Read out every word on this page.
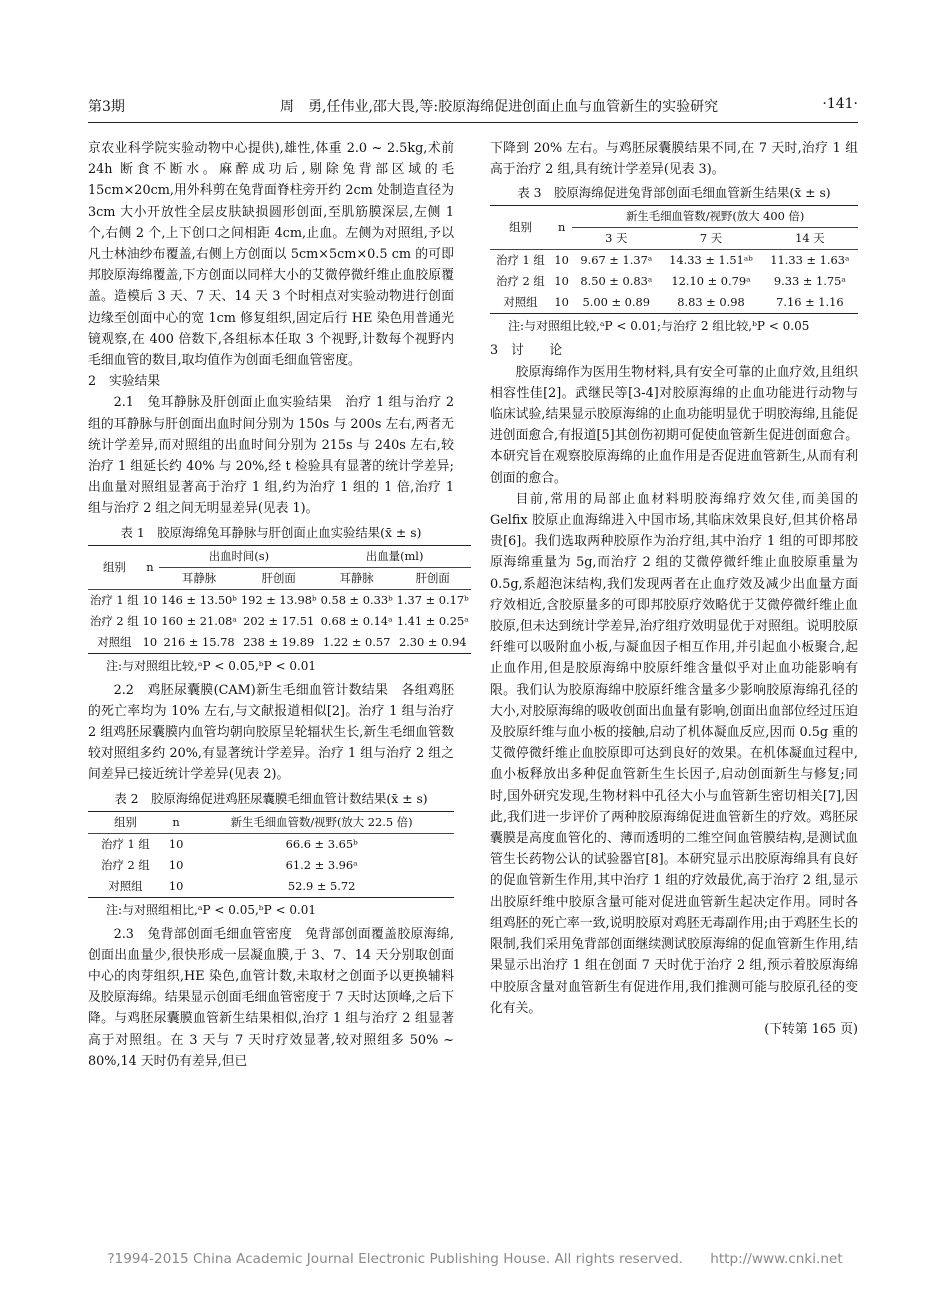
第3期	周　勇,任伟业,邵大畏,等:胶原海绵促进创面止血与血管新生的实验研究	·141·

京农业科学院实验动物中心提供),雄性,体重 2.0 ~ 2.5kg,术前 24h 断食不断水。麻醉成功后,剔除兔背部区域的毛 15cm×20cm,用外科剪在兔背面脊柱旁开约 2cm 处制造直径为 3cm 大小开放性全层皮肤缺损圆形创面,至肌筋膜深层,左侧 1 个,右侧 2 个,上下创口之间相距 4cm,止血。左侧为对照组,予以凡士林油纱布覆盖,右侧上方创面以 5cm×5cm×0.5 cm 的可即邦胶原海绵覆盖,下方创面以同样大小的艾微停微纤维止血胶原覆盖。造模后 3 天、7 天、14 天 3 个时相点对实验动物进行创面边缘至创面中心的宽 1cm 修复组织,固定后行 HE 染色用普通光镜观察,在 400 倍数下,各组标本任取 3 个视野,计数每个视野内毛细血管的数目,取均值作为创面毛细血管密度。

2　实验结果

2.1　兔耳静脉及肝创面止血实验结果　治疗 1 组与治疗 2 组的耳静脉与肝创面出血时间分别为 150s 与 200s 左右,两者无统计学差异,而对照组的出血时间分别为 215s 与 240s 左右,较治疗 1 组延长约 40% 与 20%,经 t 检验具有显著的统计学差异;出血量对照组显著高于治疗 1 组,约为治疗 1 组的 1 倍,治疗 1 组与治疗 2 组之间无明显差异(见表 1)。

表 1　胶原海绵兔耳静脉与肝创面止血实验结果(x̄ ± s)

组别	n	出血时间(s)		出血量(ml)	
		耳静脉	肝创面	耳静脉	肝创面
治疗 1 组	10	146 ± 13.50ᵇ	192 ± 13.98ᵇ	0.58 ± 0.33ᵇ	1.37 ± 0.17ᵇ
治疗 2 组	10	160 ± 21.08ᵃ	202 ± 17.51	0.68 ± 0.14ᵃ	1.41 ± 0.25ᵃ
对照组	10	216 ± 15.78	238 ± 19.89	1.22 ± 0.57	2.30 ± 0.94

注:与对照组比较,ᵃP < 0.05,ᵇP < 0.01

2.2　鸡胚尿囊膜(CAM)新生毛细血管计数结果　各组鸡胚的死亡率均为 10% 左右,与文献报道相似[2]。治疗 1 组与治疗 2 组鸡胚尿囊膜内血管均朝向胶原呈轮辐状生长,新生毛细血管数较对照组多约 20%,有显著统计学差异。治疗 1 组与治疗 2 组之间差异已接近统计学差异(见表 2)。

表 2　胶原海绵促进鸡胚尿囊膜毛细血管计数结果(x̄ ± s)

组别	n	新生毛细血管数/视野(放大 22.5 倍)
治疗 1 组	10	66.6 ± 3.65ᵇ
治疗 2 组	10	61.2 ± 3.96ᵃ
对照组	10	52.9 ± 5.72

注:与对照组相比,ᵃP < 0.05,ᵇP < 0.01

2.3　兔背部创面毛细血管密度　兔背部创面覆盖胶原海绵,创面出血量少,很快形成一层凝血膜,于 3、7、14 天分别取创面中心的肉芽组织,HE 染色,血管计数,未取材之创面予以更换辅料及胶原海绵。结果显示创面毛细血管密度于 7 天时达顶峰,之后下降。与鸡胚尿囊膜血管新生结果相似,治疗 1 组与治疗 2 组显著高于对照组。在 3 天与 7 天时疗效显著,较对照组多 50% ~ 80%,14 天时仍有差异,但已

下降到 20% 左右。与鸡胚尿囊膜结果不同,在 7 天时,治疗 1 组高于治疗 2 组,具有统计学差异(见表 3)。

表 3　胶原海绵促进兔背部创面毛细血管新生结果(x̄ ± s)

组别	n	新生毛细血管数/视野(放大 400 倍)		
		3 天	7 天	14 天
治疗 1 组	10	9.67 ± 1.37ᵃ	14.33 ± 1.51ᵃᵇ	11.33 ± 1.63ᵃ
治疗 2 组	10	8.50 ± 0.83ᵃ	12.10 ± 0.79ᵃ	9.33 ± 1.75ᵃ
对照组	10	5.00 ± 0.89	8.83 ± 0.98	7.16 ± 1.16

注:与对照组比较,ᵃP < 0.01;与治疗 2 组比较,ᵇP < 0.05

3　讨　　论

胶原海绵作为医用生物材料,具有安全可靠的止血疗效,且组织相容性佳[2]。武继民等[3-4]对胶原海绵的止血功能进行动物与临床试验,结果显示胶原海绵的止血功能明显优于明胶海绵,且能促进创面愈合,有报道[5]其创伤初期可促使血管新生促进创面愈合。本研究旨在观察胶原海绵的止血作用是否促进血管新生,从而有利创面的愈合。

目前,常用的局部止血材料明胶海绵疗效欠佳,而美国的 Gelfix 胶原止血海绵进入中国市场,其临床效果良好,但其价格昂贵[6]。我们选取两种胶原作为治疗组,其中治疗 1 组的可即邦胶原海绵重量为 5g,而治疗 2 组的艾微停微纤维止血胶原重量为 0.5g,系超泡沫结构,我们发现两者在止血疗效及减少出血量方面疗效相近,含胶原量多的可即邦胶原疗效略优于艾微停微纤维止血胶原,但未达到统计学差异,治疗组疗效明显优于对照组。说明胶原纤维可以吸附血小板,与凝血因子相互作用,并引起血小板聚合,起止血作用,但是胶原海绵中胶原纤维含量似乎对止血功能影响有限。我们认为胶原海绵中胶原纤维含量多少影响胶原海绵孔径的大小,对胶原海绵的吸收创面出血量有影响,创面出血部位经过压迫及胶原纤维与血小板的接触,启动了机体凝血反应,因而 0.5g 重的艾微停微纤维止血胶原即可达到良好的效果。在机体凝血过程中,血小板释放出多种促血管新生生长因子,启动创面新生与修复;同时,国外研究发现,生物材料中孔径大小与血管新生密切相关[7],因此,我们进一步评价了两种胶原海绵促进血管新生的疗效。鸡胚尿囊膜是高度血管化的、薄而透明的二维空间血管膜结构,是测试血管生长药物公认的试验器官[8]。本研究显示出胶原海绵具有良好的促血管新生作用,其中治疗 1 组的疗效最优,高于治疗 2 组,显示出胶原纤维中胶原含量可能对促进血管新生起决定作用。同时各组鸡胚的死亡率一致,说明胶原对鸡胚无毒副作用;由于鸡胚生长的限制,我们采用兔背部创面继续测试胶原海绵的促血管新生作用,结果显示出治疗 1 组在创面 7 天时优于治疗 2 组,预示着胶原海绵中胶原含量对血管新生有促进作用,我们推测可能与胶原孔径的变化有关。

(下转第 165 页)

?1994-2015 China Academic Journal Electronic Publishing House. All rights reserved.　　http://www.cnki.net
